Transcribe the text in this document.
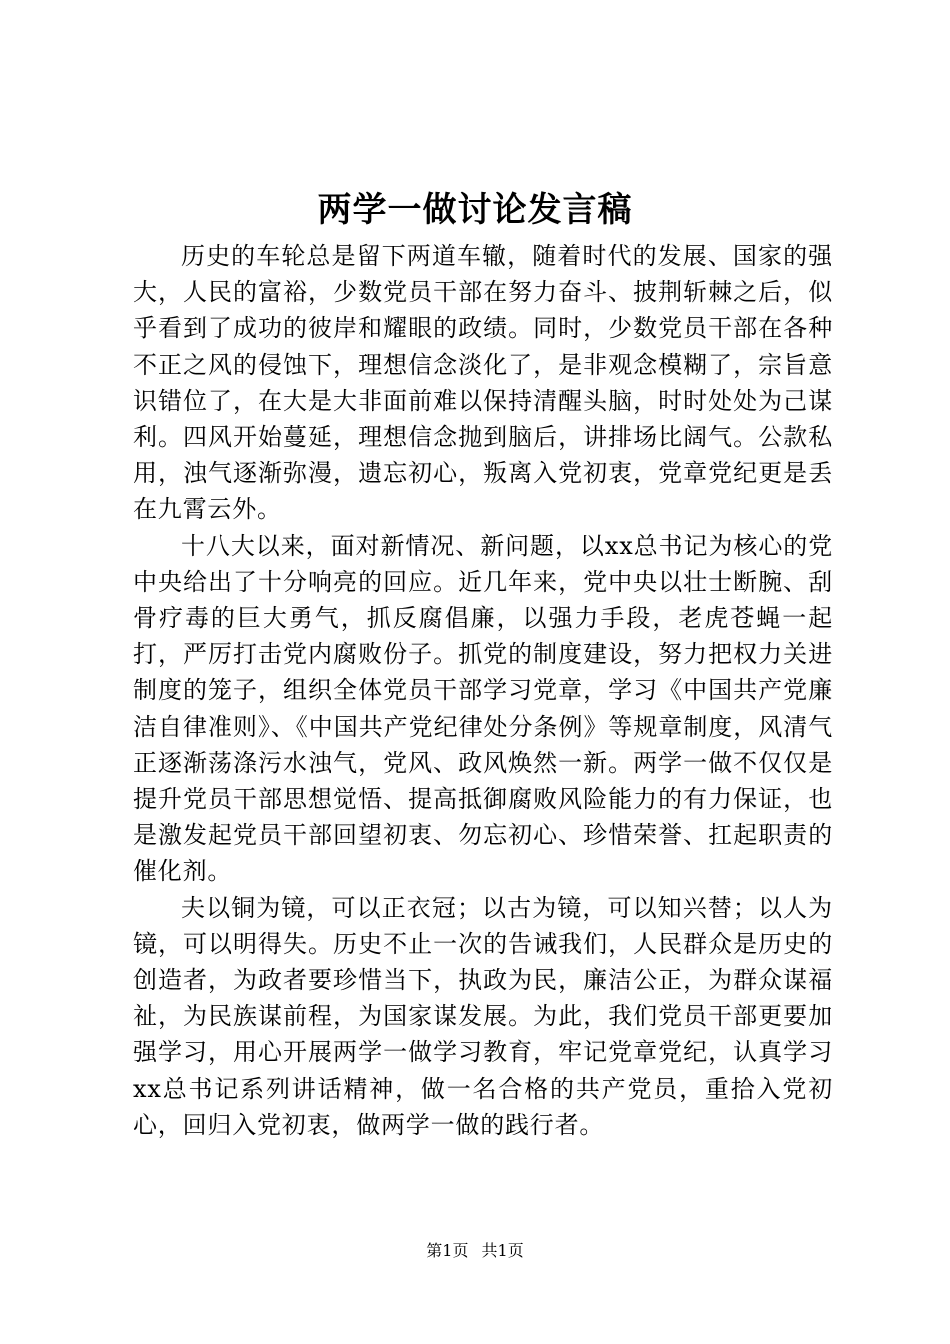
两学一做讨论发言稿

历史的车轮总是留下两道车辙，随着时代的发展、国家的强大，人民的富裕，少数党员干部在努力奋斗、披荆斩棘之后，似乎看到了成功的彼岸和耀眼的政绩。同时，少数党员干部在各种不正之风的侵蚀下，理想信念淡化了，是非观念模糊了，宗旨意识错位了，在大是大非面前难以保持清醒头脑，时时处处为己谋利。四风开始蔓延，理想信念抛到脑后，讲排场比阔气。公款私用，浊气逐渐弥漫，遗忘初心，叛离入党初衷，党章党纪更是丢在九霄云外。

十八大以来，面对新情况、新问题，以xx总书记为核心的党中央给出了十分响亮的回应。近几年来，党中央以壮士断腕、刮骨疗毒的巨大勇气，抓反腐倡廉，以强力手段，老虎苍蝇一起打，严厉打击党内腐败份子。抓党的制度建设，努力把权力关进制度的笼子，组织全体党员干部学习党章，学习《中国共产党廉洁自律准则》、《中国共产党纪律处分条例》等规章制度，风清气正逐渐荡涤污水浊气，党风、政风焕然一新。两学一做不仅仅是提升党员干部思想觉悟、提高抵御腐败风险能力的有力保证，也是激发起党员干部回望初衷、勿忘初心、珍惜荣誉、扛起职责的催化剂。

夫以铜为镜，可以正衣冠；以古为镜，可以知兴替；以人为镜，可以明得失。历史不止一次的告诫我们，人民群众是历史的创造者，为政者要珍惜当下，执政为民，廉洁公正，为群众谋福祉，为民族谋前程，为国家谋发展。为此，我们党员干部更要加强学习，用心开展两学一做学习教育，牢记党章党纪，认真学习xx总书记系列讲话精神，做一名合格的共产党员，重拾入党初心，回归入党初衷，做两学一做的践行者。

第1页 共1页
